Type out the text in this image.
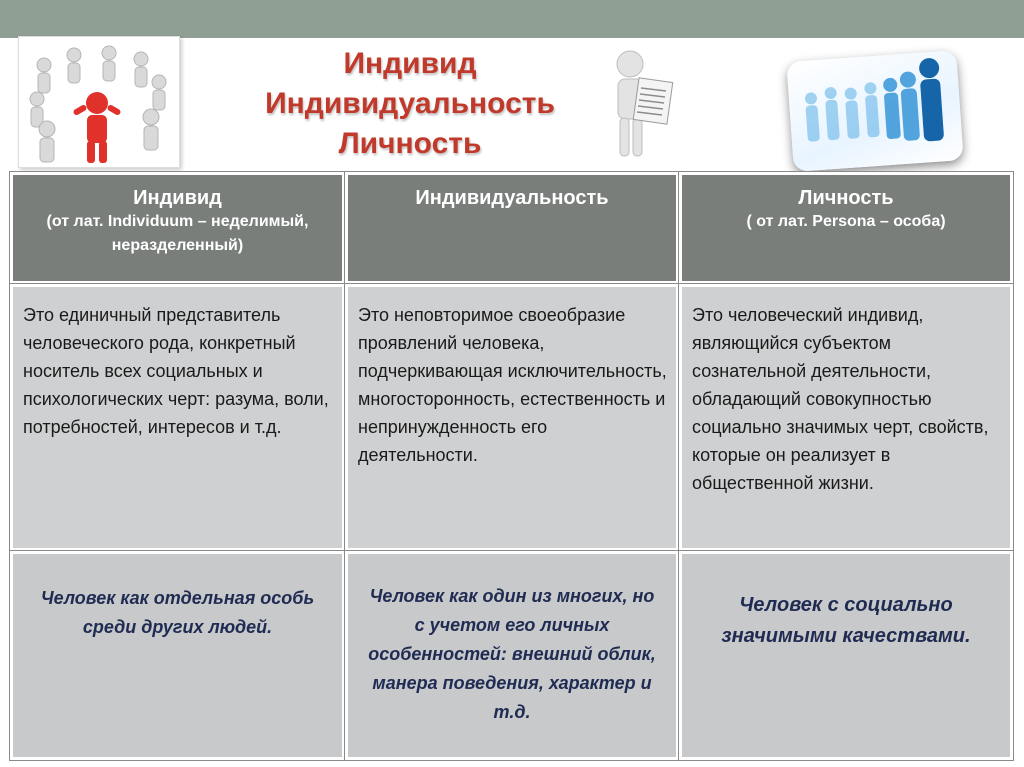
Индивид
Индивидуальность
Личность
Индивид
(от лат. Individuum – неделимый, неразделенный)
Индивидуальность	Личность
( от лат. Persona – особа)
Это единичный представитель человеческого рода, конкретный носитель всех социальных и психологических черт: разума, воли, потребностей, интересов и т.д.
Это неповторимое своеобразие проявлений человека, подчеркивающая исключительность, многосторонность, естественность и непринужденность его деятельности.
Это человеческий индивид, являющийся субъектом сознательной деятельности, обладающий совокупностью социально значимых черт, свойств, которые он реализует в общественной жизни.
Человек как отдельная особь среди других людей.
Человек как один из многих, но с учетом его личных особенностей: внешний облик, манера поведения, характер и т.д.
Человек с социально значимыми качествами.
